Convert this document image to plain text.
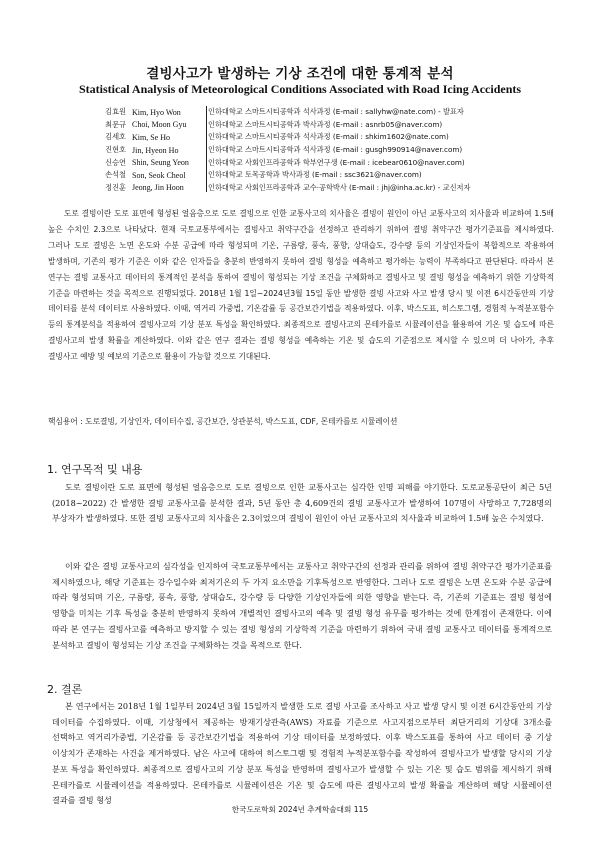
결빙사고가 발생하는 기상 조건에 대한 통계적 분석
Statistical Analysis of Meteorological Conditions Associated with Road Icing Accidents
김효원 Kim, Hyo Won	인하대학교 스마트시티공학과 석사과정 (E-mail : sallyhw@nate.com) - 발표자
최문규 Choi, Moon Gyu	인하대학교 스마트시티공학과 박사과정 (E-mail : asnrb05@naver.com)
김세호 Kim, Se Ho	인하대학교 스마트시티공학과 석사과정 (E-mail : shkim1602@nate.com)
진현호 Jin, Hyeon Ho	인하대학교 스마트시티공학과 석사과정 (E-mail : gusgh990914@naver.com)
신승연 Shin, Seung Yeon	인하대학교 사회인프라공학과 학부연구생 (E-mail : icebear0610@naver.com)
손석철 Son, Seok Cheol	인하대학교 토목공학과 박사과정 (E-mail : ssc3621@naver.com)
정진훈 Jeong, Jin Hoon	인하대학교 사회인프라공학과 교수·공학박사 (E-mail : jhj@inha.ac.kr) - 교신저자

도로 결빙이란 도로 표면에 형성된 얼음층으로 도로 결빙으로 인한 교통사고의 치사율은 결빙이 원인이 아닌 교통사고의 치사율과 비교하여 1.5배 높은 수치인 2.3으로 나타났다. 현재 국토교통부에서는 결빙사고 취약구간을 선정하고 관리하기 위하여 결빙 취약구간 평가기준표를 제시하였다. 그러나 도로 결빙은 노면 온도와 수분 공급에 따라 형성되며 기온, 구름량, 풍속, 풍향, 상대습도, 강수량 등의 기상인자들이 복합적으로 작용하여 발생하며, 기존의 평가 기준은 이와 같은 인자들을 충분히 반영하지 못하여 결빙 형성을 예측하고 평가하는 능력이 부족하다고 판단된다. 따라서 본 연구는 결빙 교통사고 데이터의 통계적인 분석을 통하여 결빙이 형성되는 기상 조건을 구체화하고 결빙사고 및 결빙 형성을 예측하기 위한 기상학적 기준을 마련하는 것을 목적으로 진행되었다. 2018년 1월 1일~2024년3월 15일 동안 발생한 결빙 사고와 사고 발생 당시 및 이전 6시간동안의 기상 데이터를 분석 데이터로 사용하였다. 이때, 역거리 가중법, 기온감률 등 공간보간기법을 적용하였다. 이후, 박스도표, 히스토그램, 경험적 누적분포함수 등의 통계분석을 적용하여 결빙사고의 기상 분포 특성을 확인하였다. 최종적으로 결빙사고의 몬테카를로 시뮬레이션을 활용하여 기온 및 습도에 따른 결빙사고의 발생 확률을 계산하였다. 이와 같은 연구 결과는 결빙 형성을 예측하는 기온 및 습도의 기준점으로 제시할 수 있으며 더 나아가, 추후 결빙사고 예방 및 예보의 기준으로 활용이 가능할 것으로 기대된다.

핵심용어 : 도로결빙, 기상인자, 데이터수집, 공간보간, 상관분석, 박스도표, CDF, 몬테카를로 시뮬레이션
1. 연구목적 및 내용

도로 결빙이란 도로 표면에 형성된 얼음층으로 도로 결빙으로 인한 교통사고는 심각한 인명 피해를 야기한다. 도로교통공단이 최근 5년(2018~2022) 간 발생한 결빙 교통사고를 분석한 결과, 5년 동안 총 4,609건의 결빙 교통사고가 발생하여 107명이 사망하고 7,728명의 부상자가 발생하였다. 또한 결빙 교통사고의 치사율은 2.3이었으며 결빙이 원인이 아닌 교통사고의 치사율과 비교하여 1.5배 높은 수치였다.

이와 같은 결빙 교통사고의 심각성을 인지하여 국토교통부에서는 교통사고 취약구간의 선정과 관리를 위하여 결빙 취약구간 평가기준표를 제시하였으나, 해당 기준표는 강수일수와 최저기온의 두 가지 요소만을 기후특성으로 반영한다. 그러나 도로 결빙은 노면 온도와 수분 공급에 따라 형성되며 기온, 구름량, 풍속, 풍향, 상대습도, 강수량 등 다양한 기상인자들에 의한 영향을 받는다. 즉, 기존의 기준표는 결빙 형성에 영향을 미치는 기후 특성을 충분히 반영하지 못하여 개별적인 결빙사고의 예측 및 결빙 형성 유무를 평가하는 것에 한계점이 존재한다. 이에 따라 본 연구는 결빙사고를 예측하고 방지할 수 있는 결빙 형성의 기상학적 기준을 마련하기 위하여 국내 결빙 교통사고 데이터를 통계적으로 분석하고 결빙이 형성되는 기상 조건을 구체화하는 것을 목적으로 한다.

2. 결론

본 연구에서는 2018년 1월 1일부터 2024년 3월 15일까지 발생한 도로 결빙 사고를 조사하고 사고 발생 당시 및 이전 6시간동안의 기상 데이터를 수집하였다. 이때, 기상청에서 제공하는 방재기상관측(AWS) 자료를 기준으로 사고지점으로부터 최단거리의 기상대 3개소를 선택하고 역거리가중법, 기온감률 등 공간보간기법을 적용하여 기상 데이터를 보정하였다. 이후 박스도표를 통하여 사고 데이터 중 기상 이상치가 존재하는 사건을 제거하였다. 남은 사고에 대하여 히스토그램 및 경험적 누적분포함수를 작성하여 결빙사고가 발생할 당시의 기상 분포 특성을 확인하였다. 최종적으로 결빙사고의 기상 분포 특성을 반영하며 결빙사고가 발생할 수 있는 기온 및 습도 범위를 제시하기 위해 몬테카를로 시뮬레이션을 적용하였다. 몬테카를로 시뮬레이션은 기온 및 습도에 따른 결빙사고의 발생 확률을 계산하며 해당 시뮬레이션 결과를 결빙 형성

한국도로학회 2024년 추계학술대회 115
